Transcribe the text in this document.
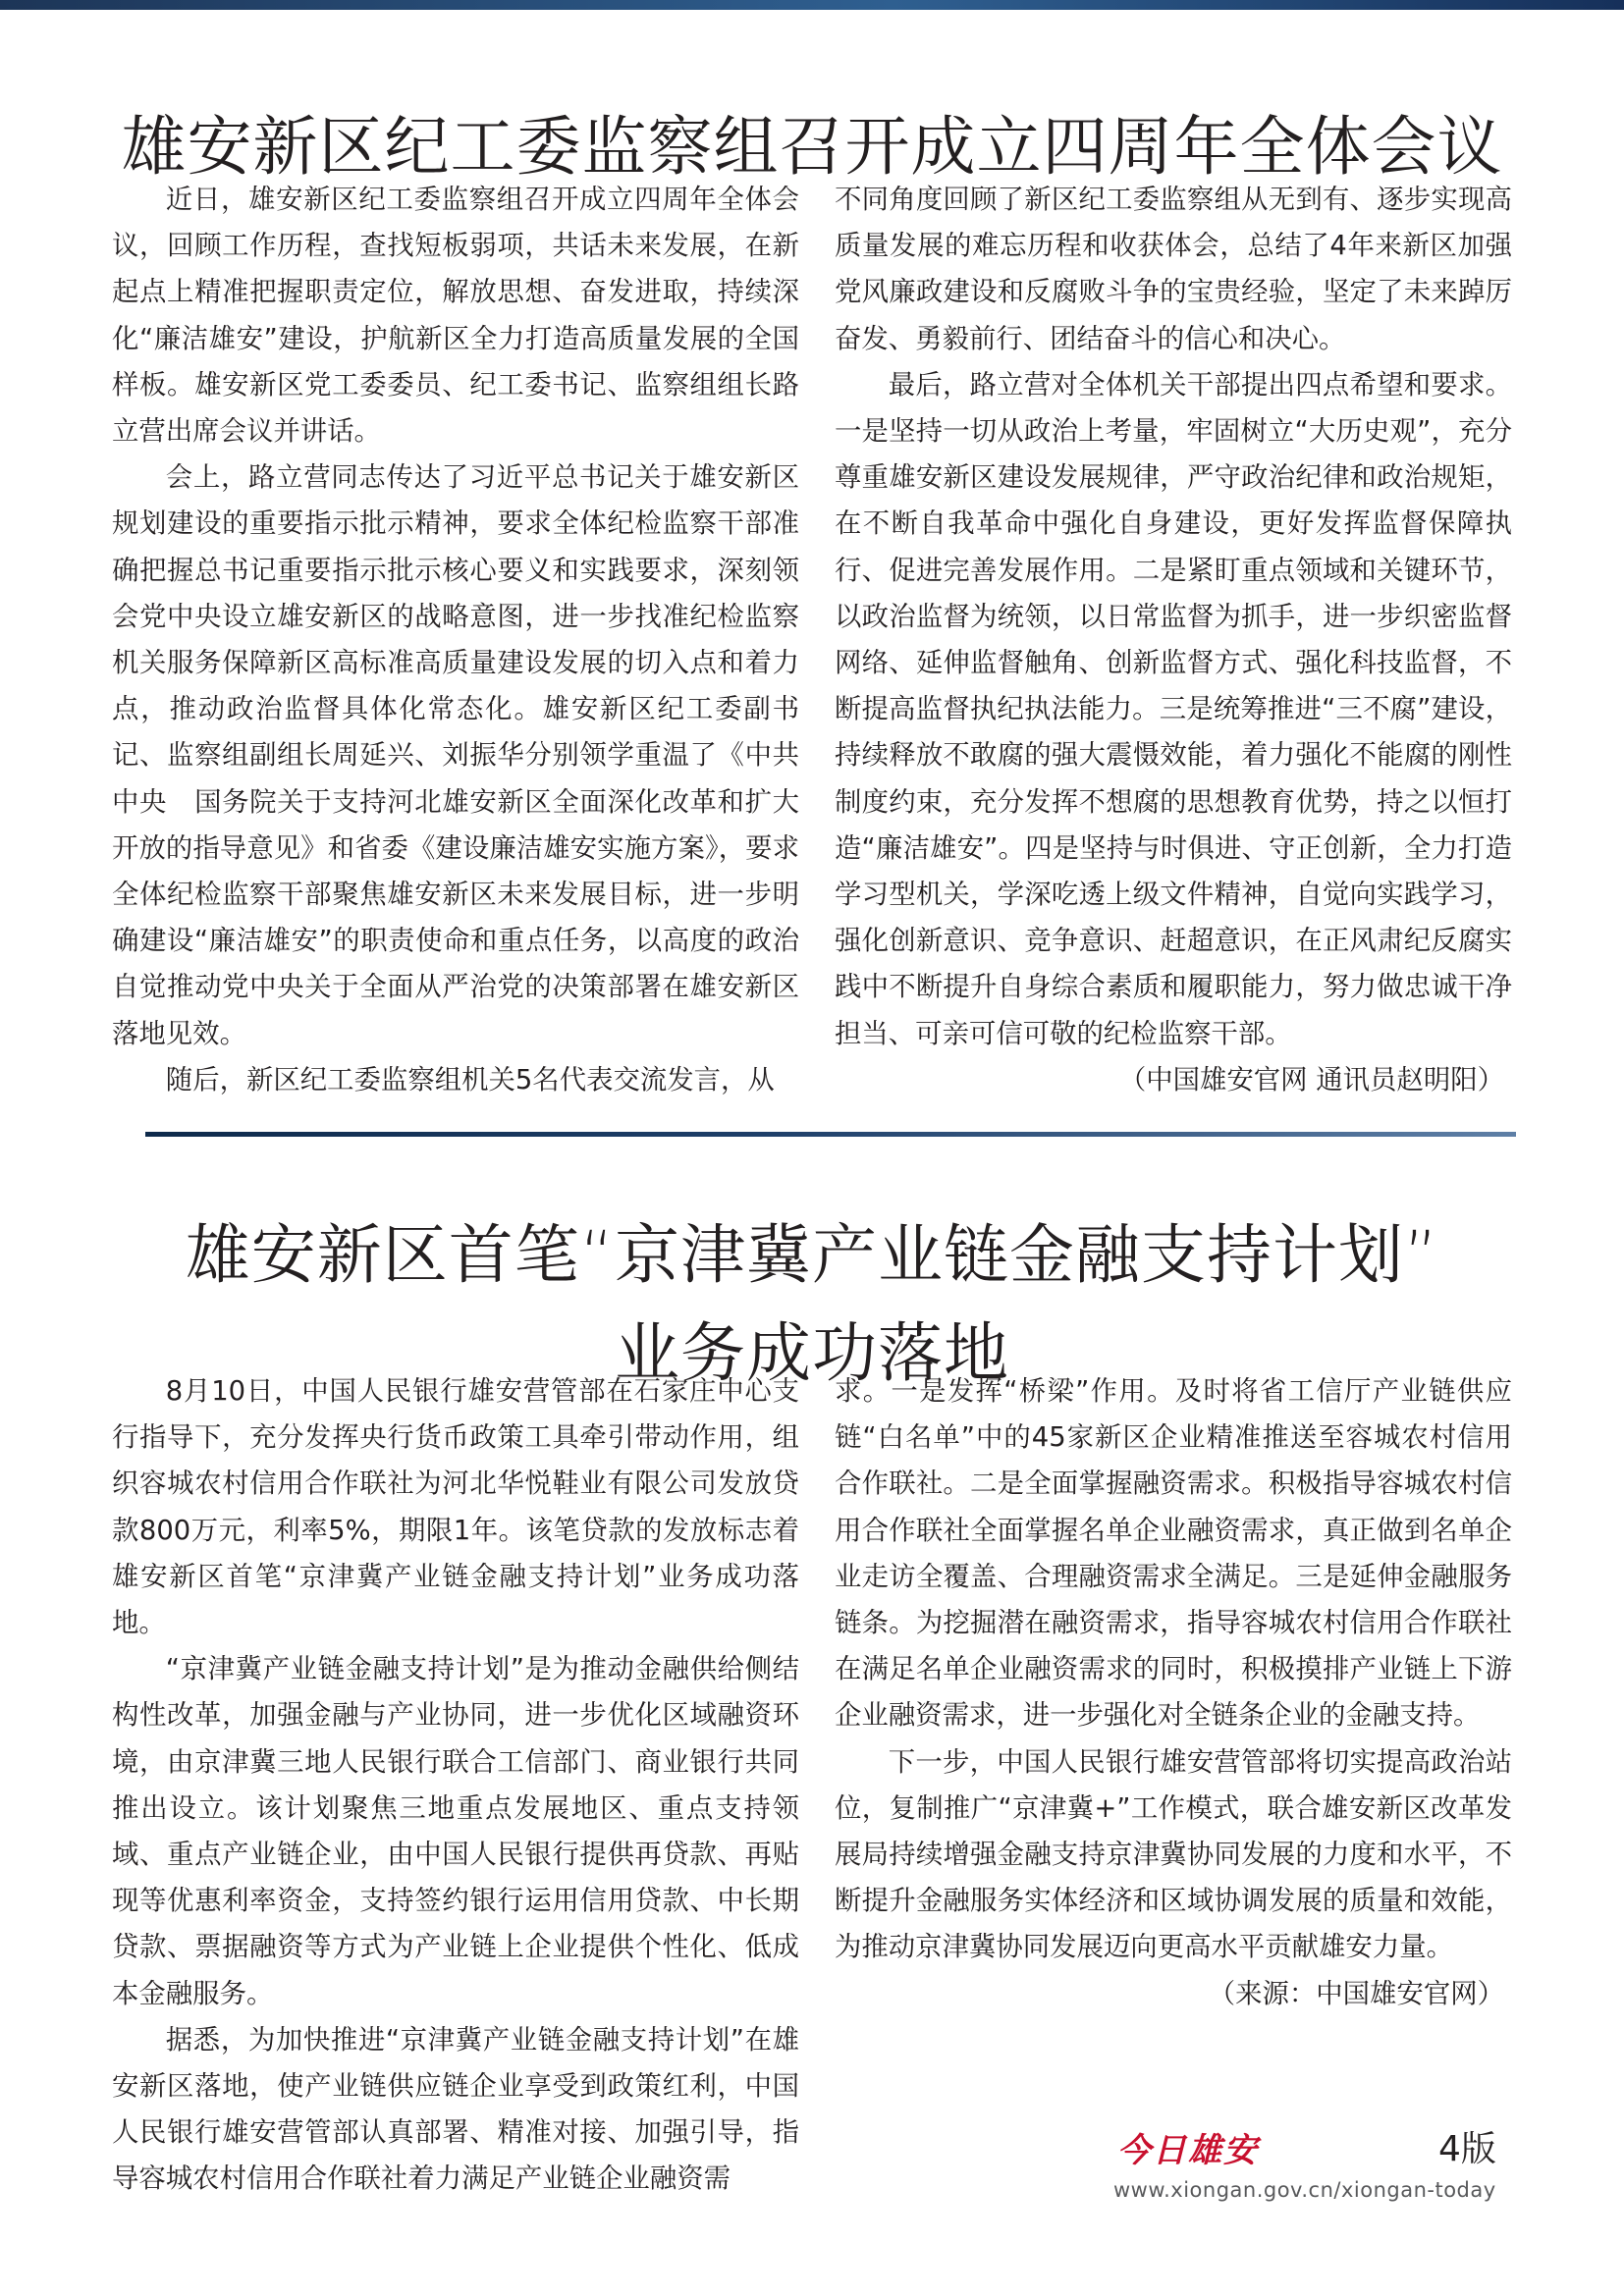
雄安新区纪工委监察组召开成立四周年全体会议

近日，雄安新区纪工委监察组召开成立四周年全体会议，回顾工作历程，查找短板弱项，共话未来发展，在新起点上精准把握职责定位，解放思想、奋发进取，持续深化“廉洁雄安”建设，护航新区全力打造高质量发展的全国样板。雄安新区党工委委员、纪工委书记、监察组组长路立营出席会议并讲话。

会上，路立营同志传达了习近平总书记关于雄安新区规划建设的重要指示批示精神，要求全体纪检监察干部准确把握总书记重要指示批示核心要义和实践要求，深刻领会党中央设立雄安新区的战略意图，进一步找准纪检监察机关服务保障新区高标准高质量建设发展的切入点和着力点，推动政治监督具体化常态化。雄安新区纪工委副书记、监察组副组长周延兴、刘振华分别领学重温了《中共中央　国务院关于支持河北雄安新区全面深化改革和扩大开放的指导意见》和省委《建设廉洁雄安实施方案》，要求全体纪检监察干部聚焦雄安新区未来发展目标，进一步明确建设“廉洁雄安”的职责使命和重点任务，以高度的政治自觉推动党中央关于全面从严治党的决策部署在雄安新区落地见效。

随后，新区纪工委监察组机关5名代表交流发言，从

不同角度回顾了新区纪工委监察组从无到有、逐步实现高质量发展的难忘历程和收获体会，总结了4年来新区加强党风廉政建设和反腐败斗争的宝贵经验，坚定了未来踔厉奋发、勇毅前行、团结奋斗的信心和决心。

最后，路立营对全体机关干部提出四点希望和要求。一是坚持一切从政治上考量，牢固树立“大历史观”，充分尊重雄安新区建设发展规律，严守政治纪律和政治规矩，在不断自我革命中强化自身建设，更好发挥监督保障执行、促进完善发展作用。二是紧盯重点领域和关键环节，以政治监督为统领，以日常监督为抓手，进一步织密监督网络、延伸监督触角、创新监督方式、强化科技监督，不断提高监督执纪执法能力。三是统筹推进“三不腐”建设，持续释放不敢腐的强大震慑效能，着力强化不能腐的刚性制度约束，充分发挥不想腐的思想教育优势，持之以恒打造“廉洁雄安”。四是坚持与时俱进、守正创新，全力打造学习型机关，学深吃透上级文件精神，自觉向实践学习，强化创新意识、竞争意识、赶超意识，在正风肃纪反腐实践中不断提升自身综合素质和履职能力，努力做忠诚干净担当、可亲可信可敬的纪检监察干部。
（中国雄安官网 通讯员赵明阳）

雄安新区首笔“京津冀产业链金融支持计划”
业务成功落地

8月10日，中国人民银行雄安营管部在石家庄中心支行指导下，充分发挥央行货币政策工具牵引带动作用，组织容城农村信用合作联社为河北华悦鞋业有限公司发放贷款800万元，利率5%，期限1年。该笔贷款的发放标志着雄安新区首笔“京津冀产业链金融支持计划”业务成功落地。

“京津冀产业链金融支持计划”是为推动金融供给侧结构性改革，加强金融与产业协同，进一步优化区域融资环境，由京津冀三地人民银行联合工信部门、商业银行共同推出设立。该计划聚焦三地重点发展地区、重点支持领域、重点产业链企业，由中国人民银行提供再贷款、再贴现等优惠利率资金，支持签约银行运用信用贷款、中长期贷款、票据融资等方式为产业链上企业提供个性化、低成本金融服务。

据悉，为加快推进“京津冀产业链金融支持计划”在雄安新区落地，使产业链供应链企业享受到政策红利，中国人民银行雄安营管部认真部署、精准对接、加强引导，指导容城农村信用合作联社着力满足产业链企业融资需

求。一是发挥“桥梁”作用。及时将省工信厅产业链供应链“白名单”中的45家新区企业精准推送至容城农村信用合作联社。二是全面掌握融资需求。积极指导容城农村信用合作联社全面掌握名单企业融资需求，真正做到名单企业走访全覆盖、合理融资需求全满足。三是延伸金融服务链条。为挖掘潜在融资需求，指导容城农村信用合作联社在满足名单企业融资需求的同时，积极摸排产业链上下游企业融资需求，进一步强化对全链条企业的金融支持。

下一步，中国人民银行雄安营管部将切实提高政治站位，复制推广“京津冀+”工作模式，联合雄安新区改革发展局持续增强金融支持京津冀协同发展的力度和水平，不断提升金融服务实体经济和区域协调发展的质量和效能，为推动京津冀协同发展迈向更高水平贡献雄安力量。

（来源：中国雄安官网）

今日雄安	4版
www.xiongan.gov.cn/xiongan-today
